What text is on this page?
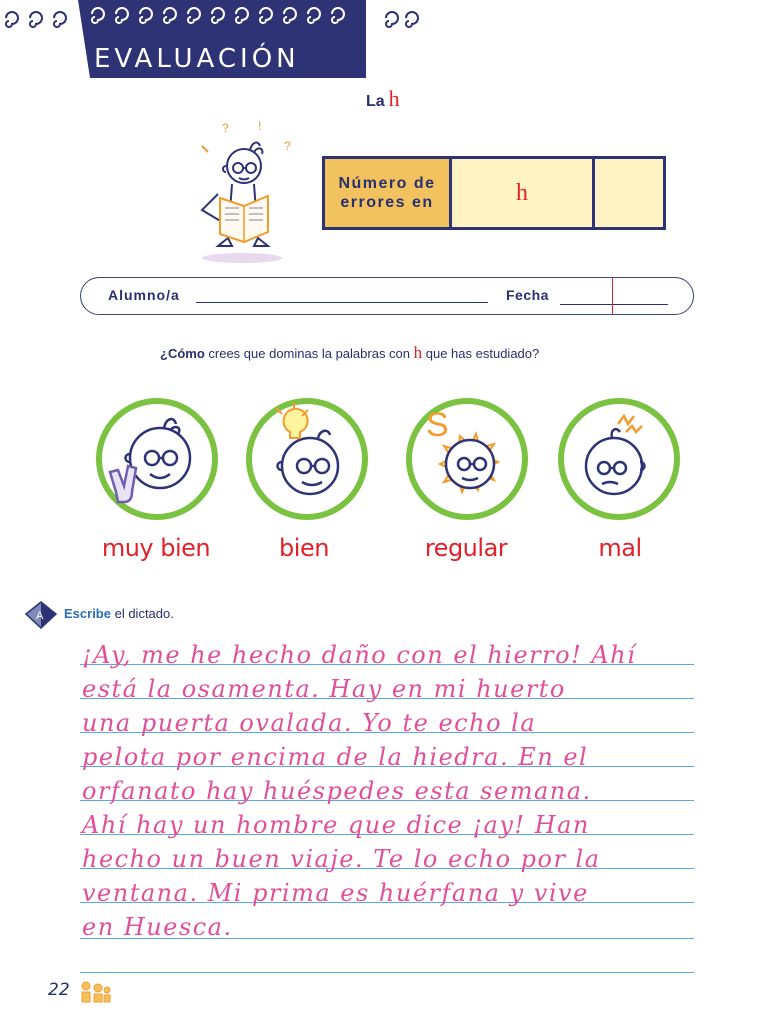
EVALUACIÓN
La h
? !
?
Número de errores en	h
Alumno/a	Fecha
¿Cómo crees que dominas la palabras con h que has estudiado?
S
muy bien	bien	regular	mal
A Escribe el dictado.
¡Ay, me he hecho daño con el hierro! Ahí
está la osamenta. Hay en mi huerto
una puerta ovalada. Yo te echo la
pelota por encima de la hiedra. En el
orfanato hay huéspedes esta semana.
Ahí hay un hombre que dice ¡ay! Han
hecho un buen viaje. Te lo echo por la
ventana. Mi prima es huérfana y vive
en Huesca.
22
